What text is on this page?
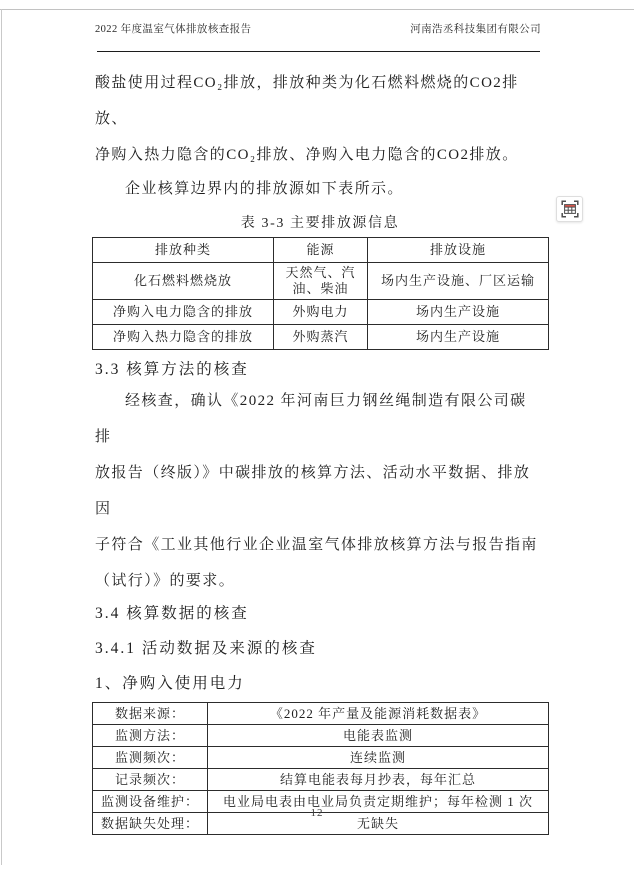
2022 年度温室气体排放核查报告	河南浩丞科技集团有限公司
酸盐使用过程CO₂排放，排放种类为化石燃料燃烧的CO2排放、
净购入热力隐含的CO₂排放、净购入电力隐含的CO2排放。
企业核算边界内的排放源如下表所示。
表 3-3 主要排放源信息
排放种类	能源	排放设施
化石燃料燃烧放	天然气、汽油、柴油	场内生产设施、厂区运输
净购入电力隐含的排放	外购电力	场内生产设施
净购入热力隐含的排放	外购蒸汽	场内生产设施
3.3 核算方法的核查
经核查，确认《2022 年河南巨力钢丝绳制造有限公司碳排
放报告（终版）》中碳排放的核算方法、活动水平数据、排放因
子符合《工业其他行业企业温室气体排放核算方法与报告指南
（试行）》的要求。
3.4 核算数据的核查
3.4.1 活动数据及来源的核查
1、净购入使用电力
数据来源：	《2022 年产量及能源消耗数据表》
监测方法：	电能表监测
监测频次：	连续监测
记录频次：	结算电能表每月抄表，每年汇总
监测设备维护：	电业局电表由电业局负责定期维护；每年检测 1 次
数据缺失处理：	无缺失
12
